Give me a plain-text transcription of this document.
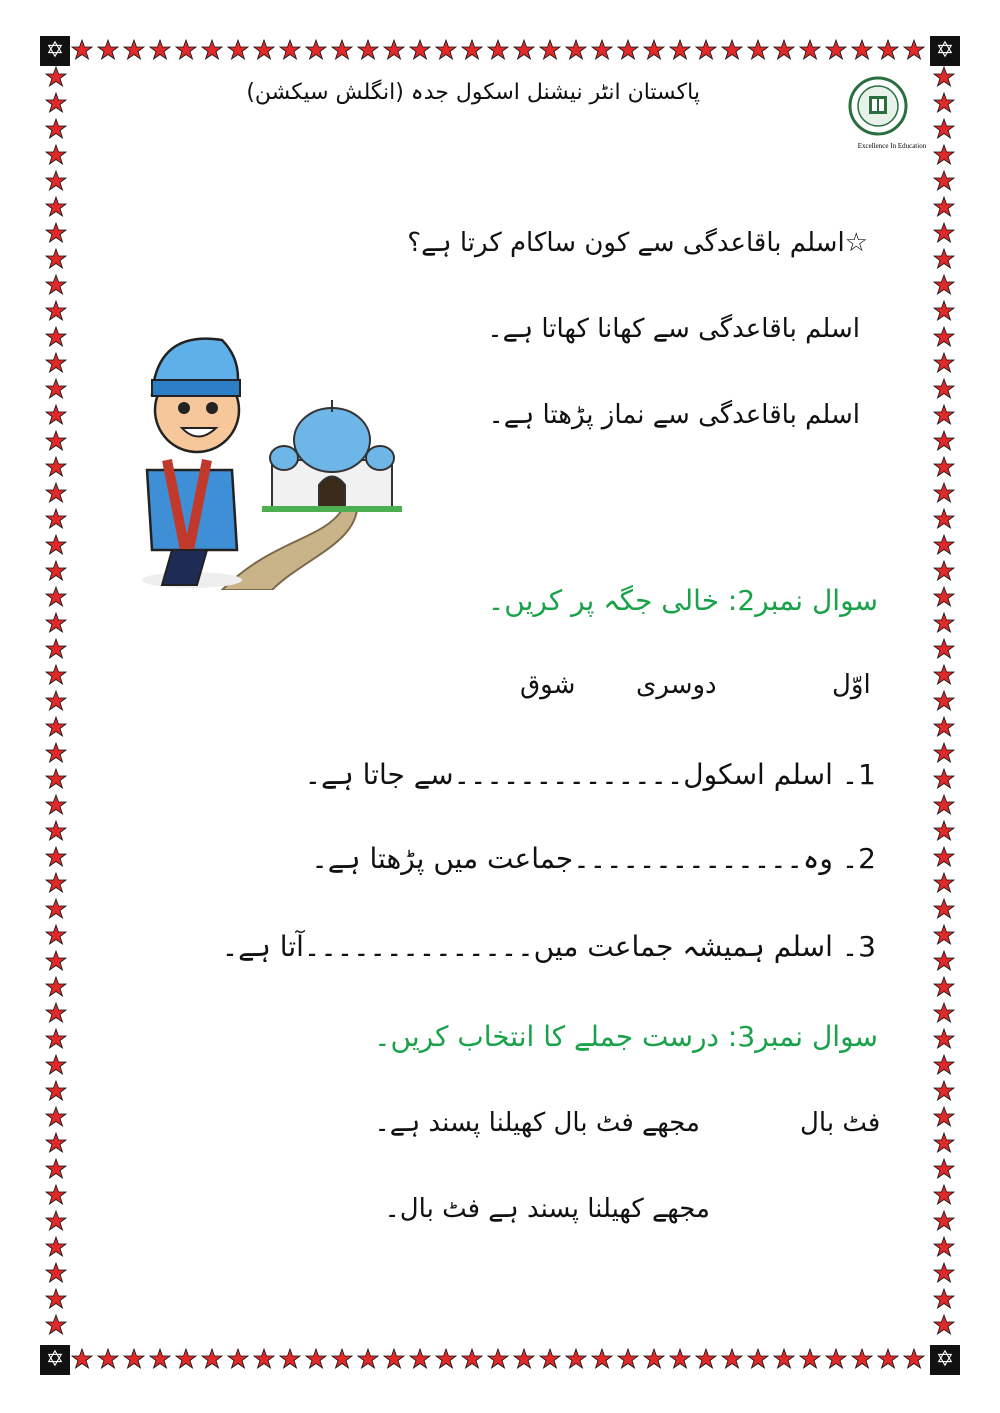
✡	✡
✡	✡
پاکستان انٹر نیشنل اسکول جدہ (انگلش سیکشن)
Excellence In Education
☆اسلم باقاعدگی سے کون ساکام کرتا ہے؟
اسلم باقاعدگی سے کھانا کھاتا ہے۔
اسلم باقاعدگی سے نماز پڑھتا ہے۔
سوال نمبر2: خالی جگہ پر کریں۔
اوّل
دوسری
شوق
1۔ اسلم اسکول۔۔۔۔۔۔۔۔۔۔۔۔۔۔سے جاتا ہے۔
2۔ وہ۔۔۔۔۔۔۔۔۔۔۔۔۔۔جماعت میں پڑھتا ہے۔
3۔ اسلم ہمیشہ جماعت میں۔۔۔۔۔۔۔۔۔۔۔۔۔۔آتا ہے۔
سوال نمبر3: درست جملے کا انتخاب کریں۔
فٹ بال
مجھے فٹ بال کھیلنا پسند ہے۔
مجھے کھیلنا پسند ہے فٹ بال۔
